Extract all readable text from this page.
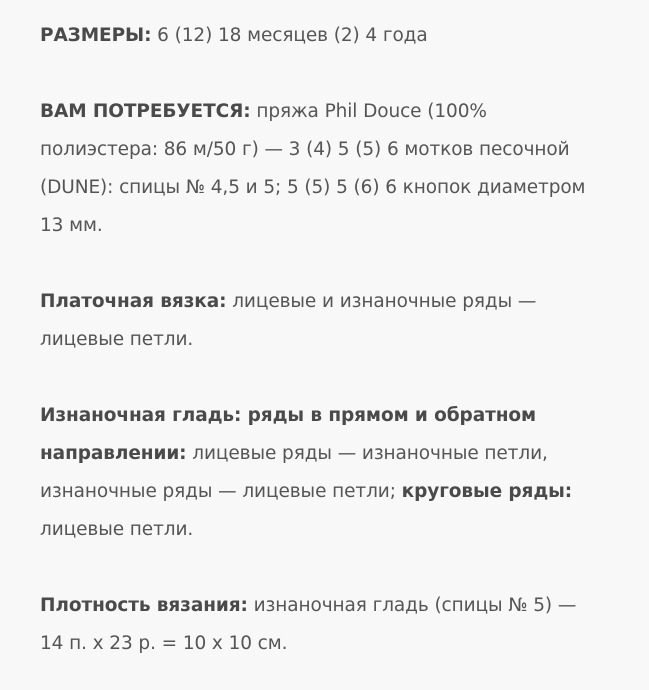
РАЗМЕРЫ: 6 (12) 18 месяцев (2) 4 года

ВАМ ПОТРЕБУЕТСЯ: пряжа Phil Douce (100%
полиэстера: 86 м/50 г) — 3 (4) 5 (5) 6 мотков песочной
(DUNE): спицы № 4,5 и 5; 5 (5) 5 (6) 6 кнопок диаметром
13 мм.

Платочная вязка: лицевые и изнаночные ряды —
лицевые петли.

Изнаночная гладь: ряды в прямом и обратном
направлении: лицевые ряды — изнаночные петли,
изнаночные ряды — лицевые петли; круговые ряды:
лицевые петли.

Плотность вязания: изнаночная гладь (спицы № 5) —
14 п. х 23 р. = 10 х 10 см.
